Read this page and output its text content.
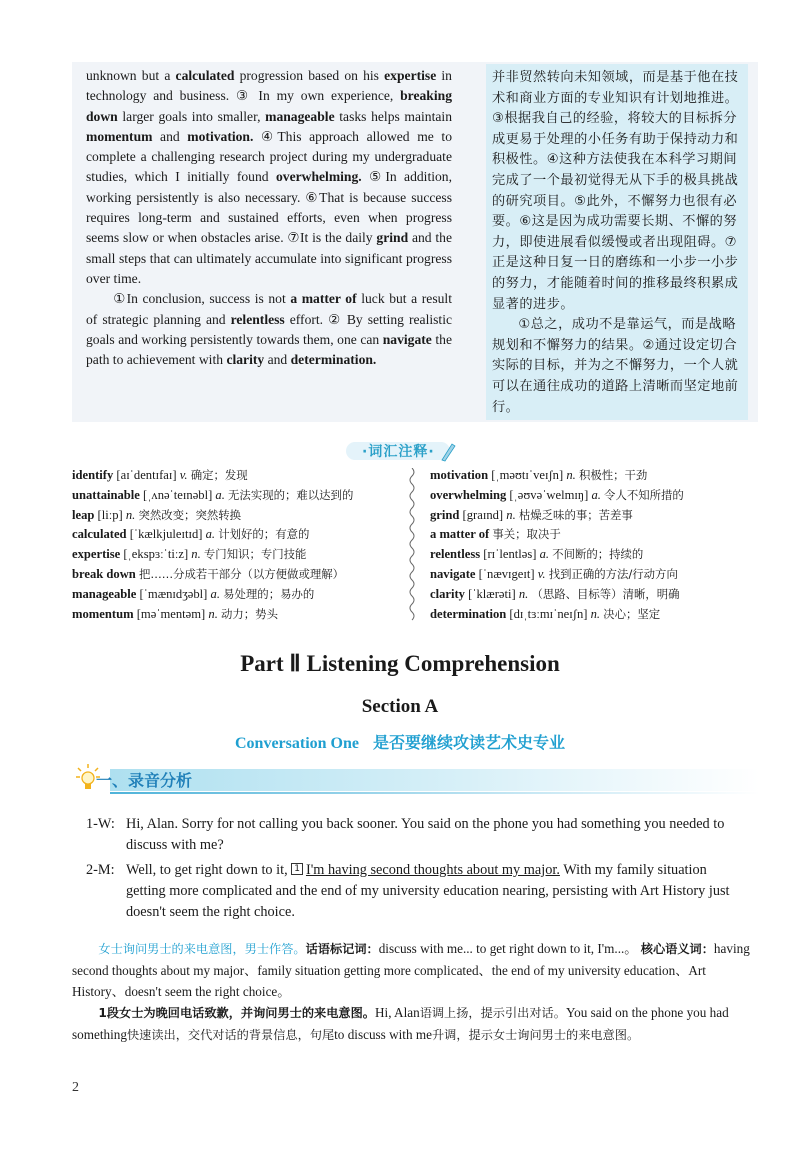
unknown but a calculated progression based on his expertise in technology and business. ③ In my own experience, breaking down larger goals into smaller, manageable tasks helps maintain momentum and motivation. ④This approach allowed me to complete a challenging research project during my undergraduate studies, which I initially found overwhelming. ⑤In addition, working persistently is also necessary. ⑥That is because success requires long-term and sustained efforts, even when progress seems slow or when obstacles arise. ⑦It is the daily grind and the small steps that can ultimately accumulate into significant progress over time.

①In conclusion, success is not a matter of luck but a result of strategic planning and relentless effort. ② By setting realistic goals and working persistently towards them, one can navigate the path to achievement with clarity and determination.

并非贸然转向未知领域，而是基于他在技术和商业方面的专业知识有计划地推进。③根据我自己的经验，将较大的目标拆分成更易于处理的小任务有助于保持动力和积极性。④这种方法使我在本科学习期间完成了一个最初觉得无从下手的极具挑战的研究项目。⑤此外，不懈努力也很有必要。⑥这是因为成功需要长期、不懈的努力，即使进展看似缓慢或者出现阻碍。⑦正是这种日复一日的磨练和一小步一小步的努力，才能随着时间的推移最终积累成显著的进步。

①总之，成功不是靠运气，而是战略规划和不懈努力的结果。②通过设定切合实际的目标，并为之不懈努力，一个人就可以在通往成功的道路上清晰而坚定地前行。

·词汇注释·
identify [aɪˈdentɪfaɪ] v. 确定；发现
unattainable [ˌʌnəˈteɪnəbl] a. 无法实现的；难以达到的
leap [liːp] n. 突然改变；突然转换
calculated [ˈkælkjuleɪtɪd] a. 计划好的；有意的
expertise [ˌekspɜːˈtiːz] n. 专门知识；专门技能
break down 把……分成若干部分（以方便做或理解）
manageable [ˈmænɪdʒəbl] a. 易处理的；易办的
momentum [məˈmentəm] n. 动力；势头
motivation [ˌməʊtɪˈveɪʃn] n. 积极性；干劲
overwhelming [ˌəʊvəˈwelmɪŋ] a. 令人不知所措的
grind [graɪnd] n. 枯燥乏味的事；苦差事
a matter of 事关；取决于
relentless [rɪˈlentləs] a. 不间断的；持续的
navigate [ˈnævɪgeɪt] v. 找到正确的方法/行动方向
clarity [ˈklærəti] n. （思路、目标等）清晰，明确
determination [dɪˌtɜːmɪˈneɪʃn] n. 决心；坚定
Part Ⅱ Listening Comprehension
Section A
Conversation One 是否要继续攻读艺术史专业
一、录音分析
1-W: Hi, Alan. Sorry for not calling you back sooner. You said on the phone you had something you needed to discuss with me?
2-M: Well, to get right down to it, 1 I'm having second thoughts about my major. With my family situation getting more complicated and the end of my university education nearing, persisting with Art History just doesn't seem the right choice.

女士询问男士的来电意图，男士作答。话语标记词：discuss with me... to get right down to it, I'm...。 核心语义词：having second thoughts about my major、family situation getting more complicated、the end of my university education、Art History、doesn't seem the right choice。

1段女士为晚回电话致歉，并询问男士的来电意图。Hi, Alan语调上扬，提示引出对话。You said on the phone you had something快速读出，交代对话的背景信息，句尾to discuss with me升调，提示女士询问男士的来电意图。

2
